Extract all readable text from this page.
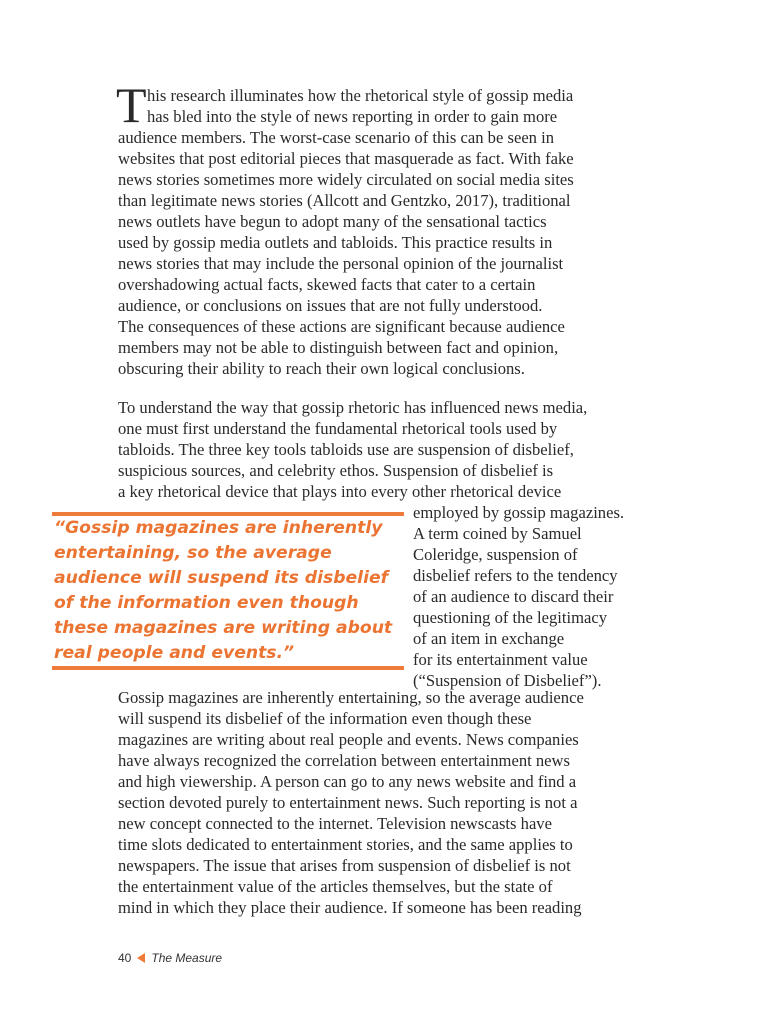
T his research illuminates how the rhetorical style of gossip media
has bled into the style of news reporting in order to gain more
audience members. The worst-case scenario of this can be seen in
websites that post editorial pieces that masquerade as fact. With fake
news stories sometimes more widely circulated on social media sites
than legitimate news stories (Allcott and Gentzko, 2017), traditional
news outlets have begun to adopt many of the sensational tactics
used by gossip media outlets and tabloids. This practice results in
news stories that may include the personal opinion of the journalist
overshadowing actual facts, skewed facts that cater to a certain
audience, or conclusions on issues that are not fully understood.
The consequences of these actions are significant because audience
members may not be able to distinguish between fact and opinion,
obscuring their ability to reach their own logical conclusions.
To understand the way that gossip rhetoric has influenced news media,
one must first understand the fundamental rhetorical tools used by
tabloids. The three key tools tabloids use are suspension of disbelief,
suspicious sources, and celebrity ethos. Suspension of disbelief is
a key rhetorical device that plays into every other rhetorical device
employed by gossip magazines.
A term coined by Samuel
Coleridge, suspension of
disbelief refers to the tendency
of an audience to discard their
questioning of the legitimacy
of an item in exchange
for its entertainment value
(“Suspension of Disbelief”).
“Gossip magazines are inherently
entertaining, so the average
audience will suspend its disbelief
of the information even though
these magazines are writing about
real people and events.”
Gossip magazines are inherently entertaining, so the average audience
will suspend its disbelief of the information even though these
magazines are writing about real people and events. News companies
have always recognized the correlation between entertainment news
and high viewership. A person can go to any news website and find a
section devoted purely to entertainment news. Such reporting is not a
new concept connected to the internet. Television newscasts have
time slots dedicated to entertainment stories, and the same applies to
newspapers. The issue that arises from suspension of disbelief is not
the entertainment value of the articles themselves, but the state of
mind in which they place their audience. If someone has been reading
40 The Measure
